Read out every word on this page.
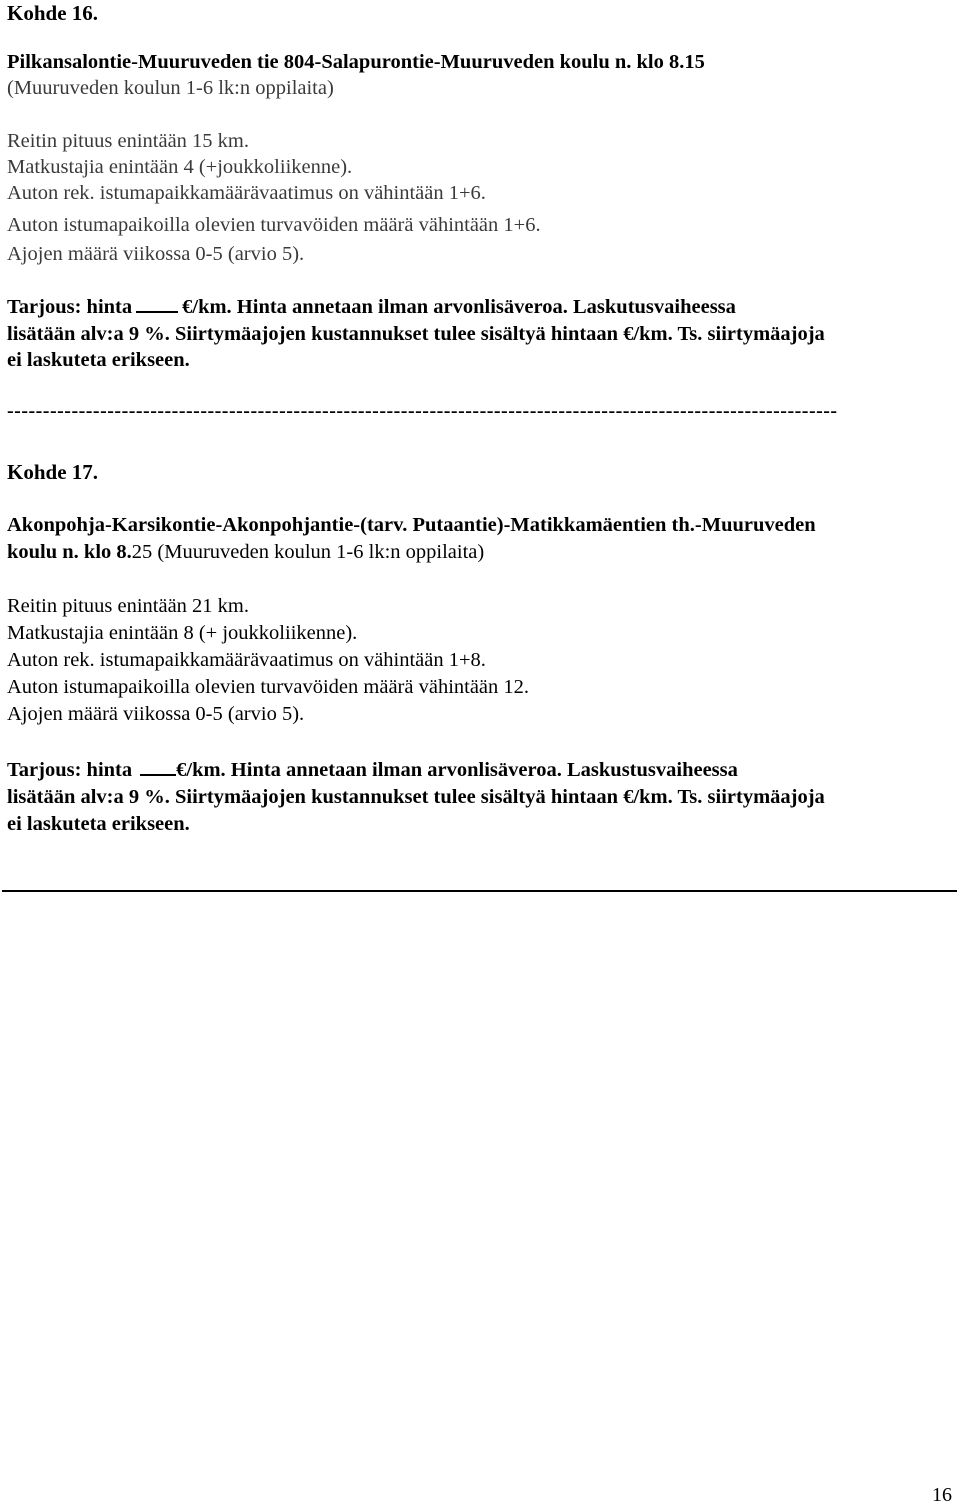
Kohde 16.
Pilkansalontie-Muuruveden tie 804-Salapurontie-Muuruveden koulu n. klo 8.15
(Muuruveden koulun 1-6 lk:n oppilaita)
Reitin pituus enintään 15 km.
Matkustajia enintään 4 (+joukkoliikenne).
Auton rek. istumapaikkamäärävaatimus on vähintään 1+6.
Auton istumapaikoilla olevien turvavöiden määrä vähintään 1+6.
Ajojen määrä viikossa 0-5 (arvio 5).
Tarjous: hinta €/km. Hinta annetaan ilman arvonlisäveroa. Laskutusvaiheessa
lisätään alv:a 9 %. Siirtymäajojen kustannukset tulee sisältyä hintaan €/km. Ts. siirtymäajoja
ei laskuteta erikseen.
--------------------------------------------------------------------------------------------------------------------
Kohde 17.
Akonpohja-Karsikontie-Akonpohjantie-(tarv. Putaantie)-Matikkamäentien th.-Muuruveden
koulu n. klo 8.25 (Muuruveden koulun 1-6 lk:n oppilaita)
Reitin pituus enintään 21 km.
Matkustajia enintään 8 (+ joukkoliikenne).
Auton rek. istumapaikkamäärävaatimus on vähintään 1+8.
Auton istumapaikoilla olevien turvavöiden määrä vähintään 12.
Ajojen määrä viikossa 0-5 (arvio 5).
Tarjous: hinta €/km. Hinta annetaan ilman arvonlisäveroa. Laskustusvaiheessa
lisätään alv:a 9 %. Siirtymäajojen kustannukset tulee sisältyä hintaan €/km. Ts. siirtymäajoja
ei laskuteta erikseen.
16
